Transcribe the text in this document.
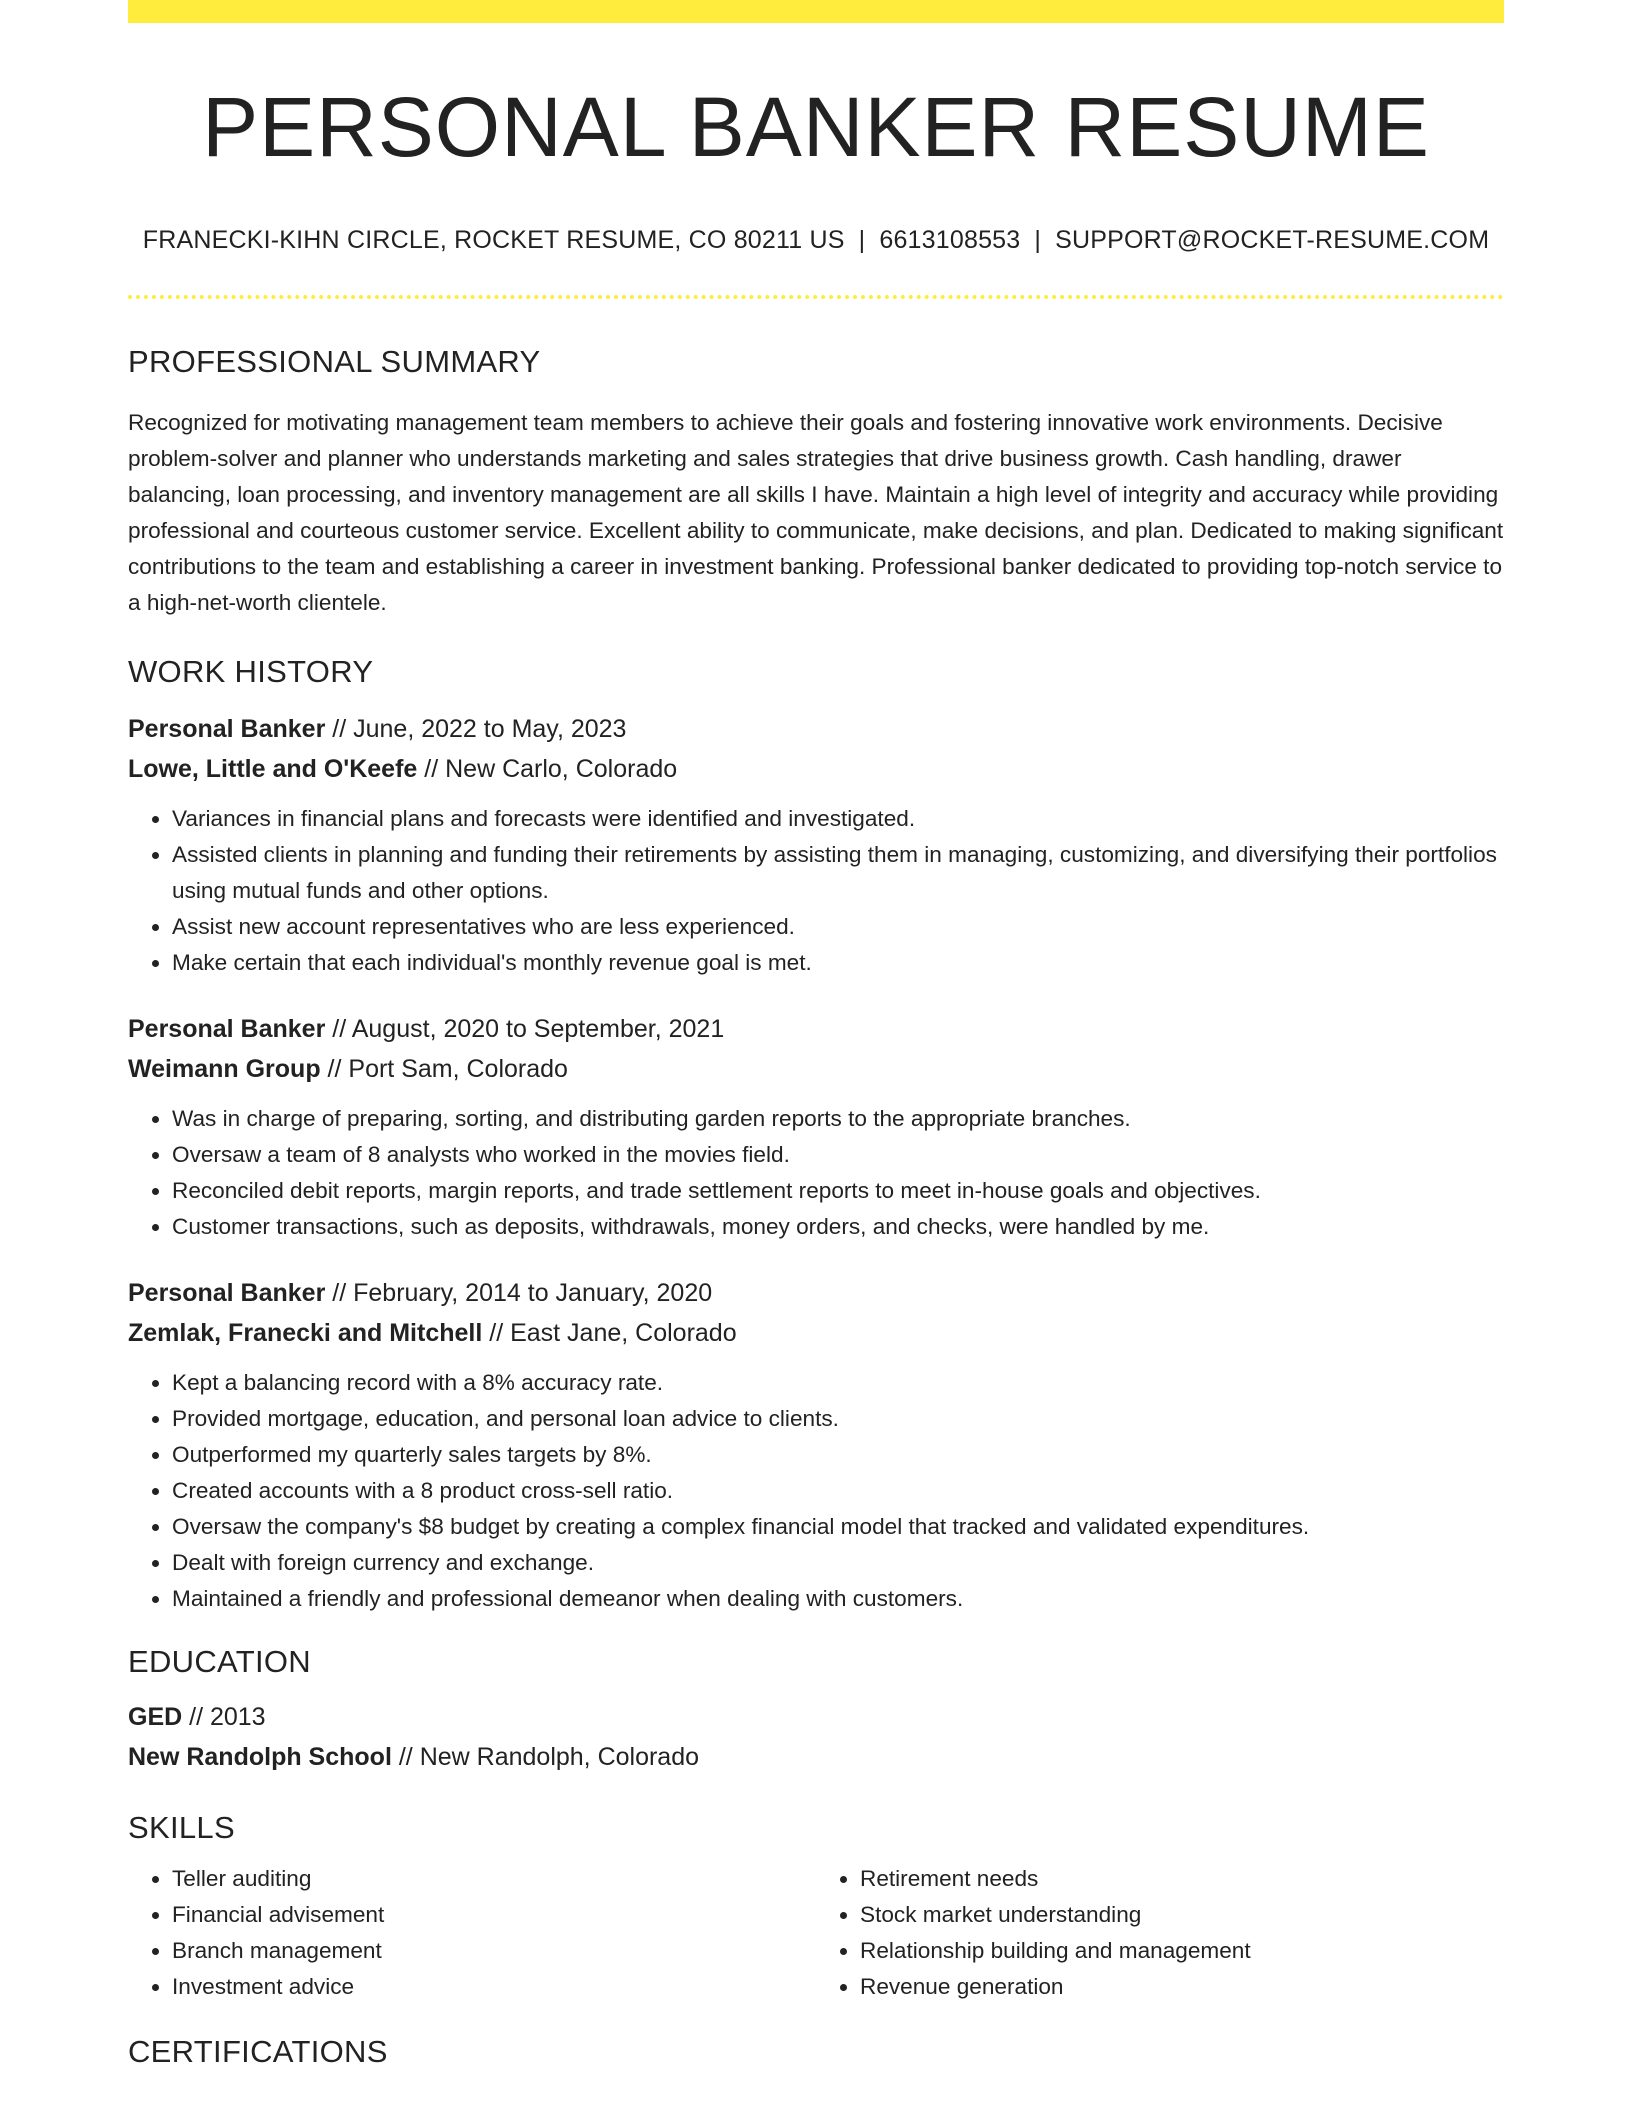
PERSONAL BANKER RESUME
FRANECKI-KIHN CIRCLE, ROCKET RESUME, CO 80211 US | 6613108553 | SUPPORT@ROCKET-RESUME.COM
PROFESSIONAL SUMMARY
Recognized for motivating management team members to achieve their goals and fostering innovative work environments. Decisive problem-solver and planner who understands marketing and sales strategies that drive business growth. Cash handling, drawer balancing, loan processing, and inventory management are all skills I have. Maintain a high level of integrity and accuracy while providing professional and courteous customer service. Excellent ability to communicate, make decisions, and plan. Dedicated to making significant contributions to the team and establishing a career in investment banking. Professional banker dedicated to providing top-notch service to a high-net-worth clientele.
WORK HISTORY
Personal Banker // June, 2022 to May, 2023
Lowe, Little and O'Keefe // New Carlo, Colorado
• Variances in financial plans and forecasts were identified and investigated.
• Assisted clients in planning and funding their retirements by assisting them in managing, customizing, and diversifying their portfolios using mutual funds and other options.
• Assist new account representatives who are less experienced.
• Make certain that each individual's monthly revenue goal is met.
Personal Banker // August, 2020 to September, 2021
Weimann Group // Port Sam, Colorado
• Was in charge of preparing, sorting, and distributing garden reports to the appropriate branches.
• Oversaw a team of 8 analysts who worked in the movies field.
• Reconciled debit reports, margin reports, and trade settlement reports to meet in-house goals and objectives.
• Customer transactions, such as deposits, withdrawals, money orders, and checks, were handled by me.
Personal Banker // February, 2014 to January, 2020
Zemlak, Franecki and Mitchell // East Jane, Colorado
• Kept a balancing record with a 8% accuracy rate.
• Provided mortgage, education, and personal loan advice to clients.
• Outperformed my quarterly sales targets by 8%.
• Created accounts with a 8 product cross-sell ratio.
• Oversaw the company's $8 budget by creating a complex financial model that tracked and validated expenditures.
• Dealt with foreign currency and exchange.
• Maintained a friendly and professional demeanor when dealing with customers.
EDUCATION
GED // 2013
New Randolph School // New Randolph, Colorado
SKILLS
• Teller auditing
• Financial advisement
• Branch management
• Investment advice
• Retirement needs
• Stock market understanding
• Relationship building and management
• Revenue generation
CERTIFICATIONS
